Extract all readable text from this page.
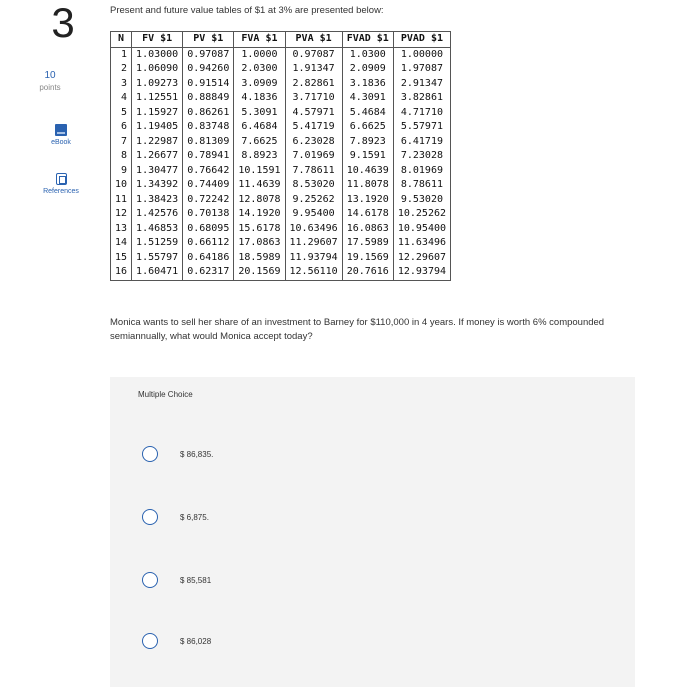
3
10
points
eBook
References
Present and future value tables of $1 at 3% are presented below:
N	FV $1	PV $1	FVA $1	PVA $1	FVAD $1	PVAD $1
1	1.03000	0.97087	1.0000	0.97087	1.0300	1.00000
2	1.06090	0.94260	2.0300	1.91347	2.0909	1.97087
3	1.09273	0.91514	3.0909	2.82861	3.1836	2.91347
4	1.12551	0.88849	4.1836	3.71710	4.3091	3.82861
5	1.15927	0.86261	5.3091	4.57971	5.4684	4.71710
6	1.19405	0.83748	6.4684	5.41719	6.6625	5.57971
7	1.22987	0.81309	7.6625	6.23028	7.8923	6.41719
8	1.26677	0.78941	8.8923	7.01969	9.1591	7.23028
9	1.30477	0.76642	10.1591	7.78611	10.4639	8.01969
10	1.34392	0.74409	11.4639	8.53020	11.8078	8.78611
11	1.38423	0.72242	12.8078	9.25262	13.1920	9.53020
12	1.42576	0.70138	14.1920	9.95400	14.6178	10.25262
13	1.46853	0.68095	15.6178	10.63496	16.0863	10.95400
14	1.51259	0.66112	17.0863	11.29607	17.5989	11.63496
15	1.55797	0.64186	18.5989	11.93794	19.1569	12.29607
16	1.60471	0.62317	20.1569	12.56110	20.7616	12.93794
Monica wants to sell her share of an investment to Barney for $110,000 in 4 years. If money is worth 6% compounded semiannually, what would Monica accept today?
Multiple Choice
$ 86,835.
$ 6,875.
$ 85,581
$ 86,028
